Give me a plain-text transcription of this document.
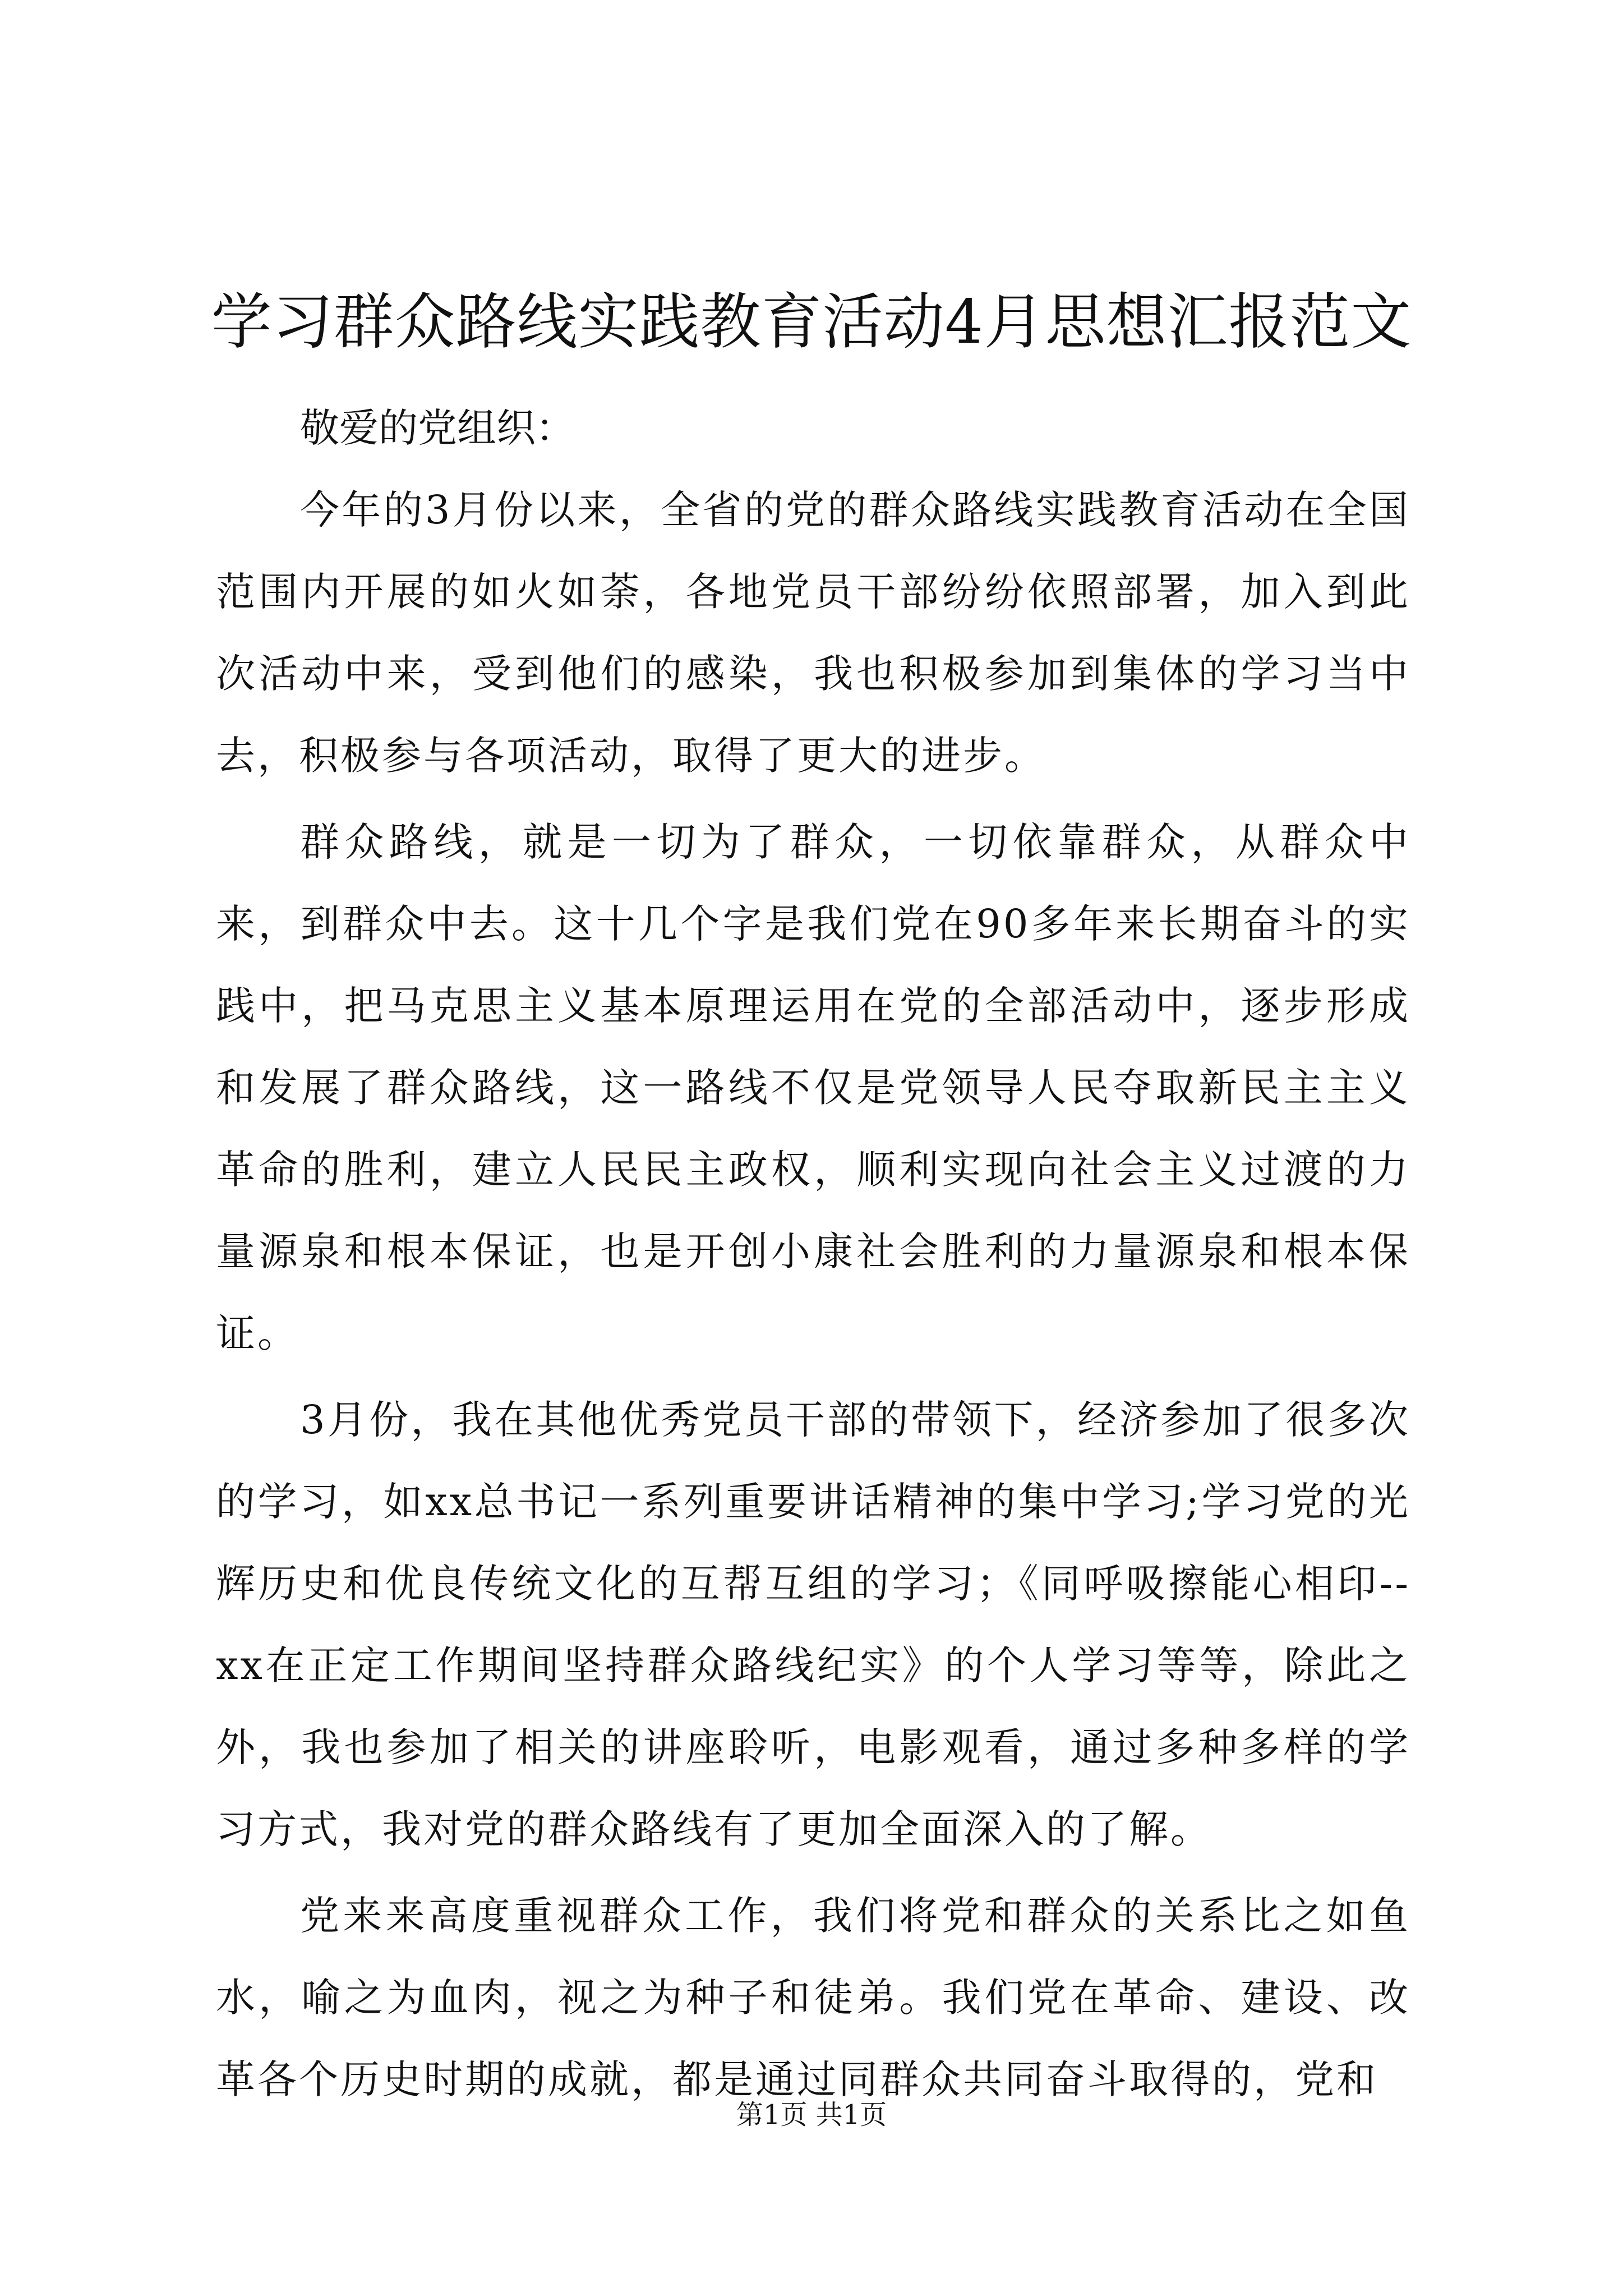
学习群众路线实践教育活动4月思想汇报范文

敬爱的党组织：

今年的3月份以来，全省的党的群众路线实践教育活动在全国范围内开展的如火如荼，各地党员干部纷纷依照部署，加入到此次活动中来，受到他们的感染，我也积极参加到集体的学习当中去，积极参与各项活动，取得了更大的进步。

群众路线，就是一切为了群众，一切依靠群众，从群众中来，到群众中去。这十几个字是我们党在90多年来长期奋斗的实践中，把马克思主义基本原理运用在党的全部活动中，逐步形成和发展了群众路线，这一路线不仅是党领导人民夺取新民主主义革命的胜利，建立人民民主政权，顺利实现向社会主义过渡的力量源泉和根本保证，也是开创小康社会胜利的力量源泉和根本保证。

3月份，我在其他优秀党员干部的带领下，经济参加了很多次的学习，如xx总书记一系列重要讲话精神的集中学习;学习党的光辉历史和优良传统文化的互帮互组的学习；《同呼吸擦能心相印--xx在正定工作期间坚持群众路线纪实》的个人学习等等，除此之外，我也参加了相关的讲座聆听，电影观看，通过多种多样的学习方式，我对党的群众路线有了更加全面深入的了解。

党来来高度重视群众工作，我们将党和群众的关系比之如鱼水，喻之为血肉，视之为种子和徒弟。我们党在革命、建设、改革各个历史时期的成就，都是通过同群众共同奋斗取得的，党和

第1页 共1页
